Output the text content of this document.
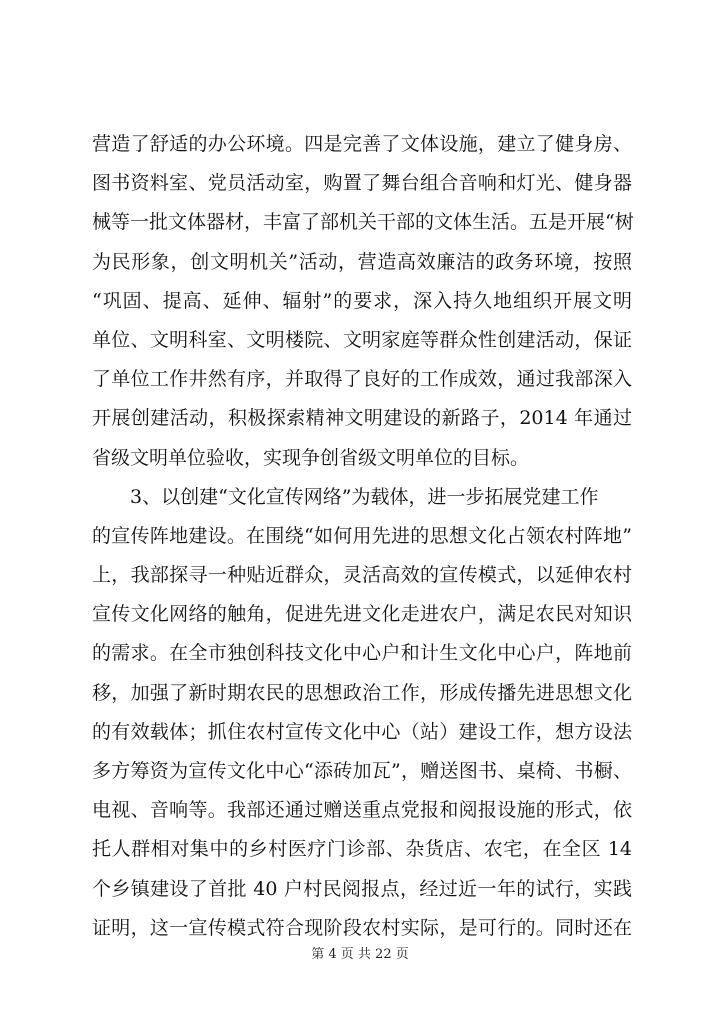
营造了舒适的办公环境。四是完善了文体设施，建立了健身房、
图书资料室、党员活动室，购置了舞台组合音响和灯光、健身器
械等一批文体器材，丰富了部机关干部的文体生活。五是开展“树
为民形象，创文明机关”活动，营造高效廉洁的政务环境，按照
“巩固、提高、延伸、辐射”的要求，深入持久地组织开展文明
单位、文明科室、文明楼院、文明家庭等群众性创建活动，保证
了单位工作井然有序，并取得了良好的工作成效，通过我部深入
开展创建活动，积极探索精神文明建设的新路子，2014 年通过
省级文明单位验收，实现争创省级文明单位的目标。
3、以创建“文化宣传网络”为载体，进一步拓展党建工作
的宣传阵地建设。在围绕“如何用先进的思想文化占领农村阵地”
上，我部探寻一种贴近群众，灵活高效的宣传模式，以延伸农村
宣传文化网络的触角，促进先进文化走进农户，满足农民对知识
的需求。在全市独创科技文化中心户和计生文化中心户，阵地前
移，加强了新时期农民的思想政治工作，形成传播先进思想文化
的有效载体；抓住农村宣传文化中心（站）建设工作，想方设法
多方筹资为宣传文化中心“添砖加瓦”，赠送图书、桌椅、书橱、
电视、音响等。我部还通过赠送重点党报和阅报设施的形式，依
托人群相对集中的乡村医疗门诊部、杂货店、农宅，在全区 14
个乡镇建设了首批 40 户村民阅报点，经过近一年的试行，实践
证明，这一宣传模式符合现阶段农村实际，是可行的。同时还在
第 4 页 共 22 页
